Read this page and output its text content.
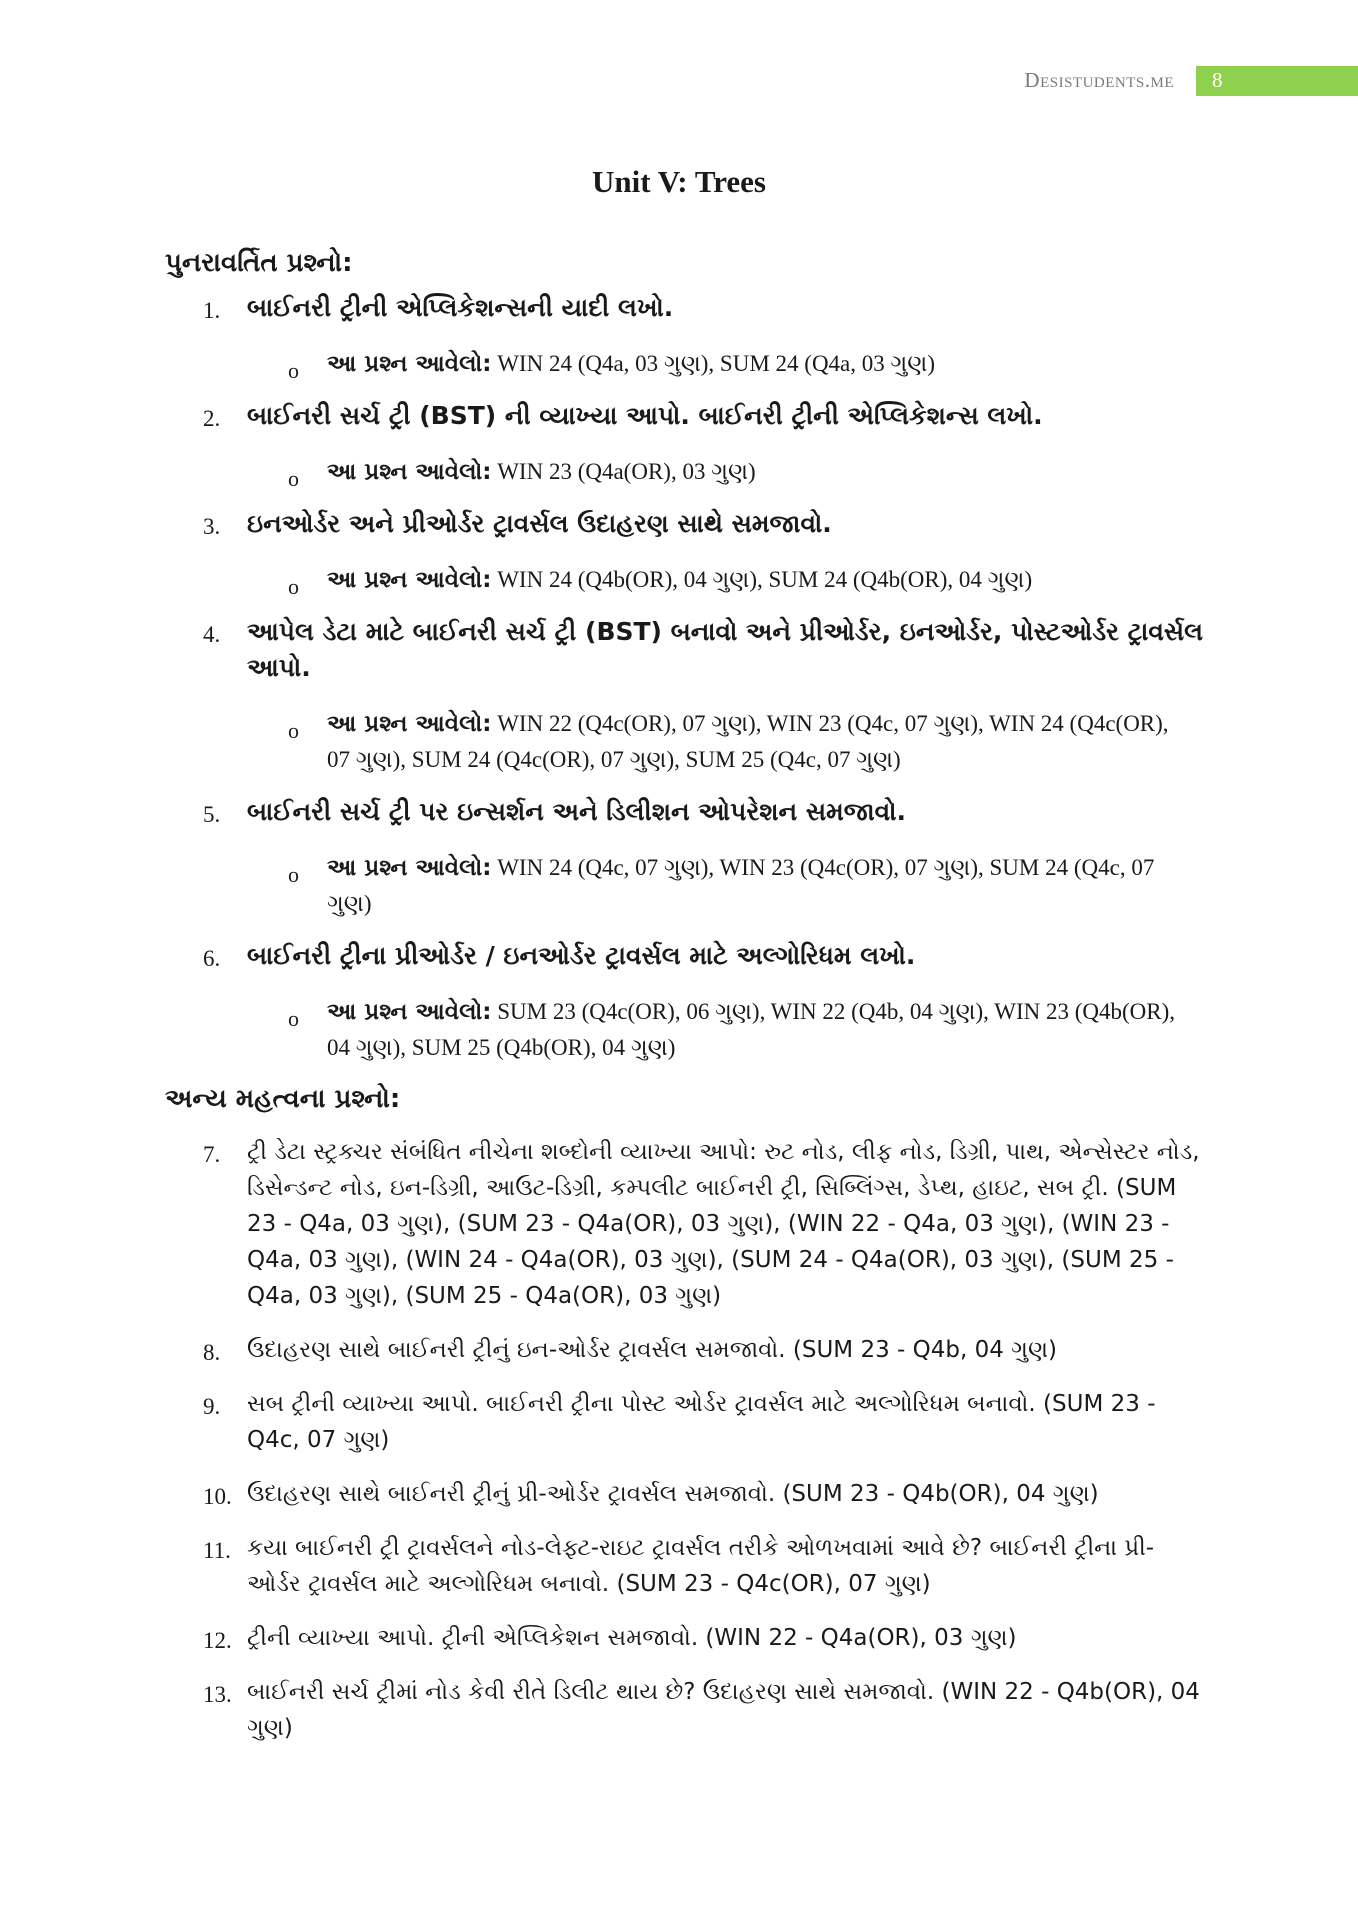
Desistudents.me 8
Unit V: Trees
પુનરાવર્તિત પ્રશ્નો:
1. બાઈનરી ટ્રીની એપ્લિકેશન્સની યાદી લખો.
o આ પ્રશ્ન આવેલો: WIN 24 (Q4a, 03 ગુણ), SUM 24 (Q4a, 03 ગુણ)
2. બાઈનરી સર્ચ ટ્રી (BST) ની વ્યાખ્યા આપો. બાઈનરી ટ્રીની એપ્લિકેશન્સ લખો.
o આ પ્રશ્ન આવેલો: WIN 23 (Q4a(OR), 03 ગુણ)
3. ઇનઓર્ડર અને પ્રીઓર્ડર ટ્રાવર્સલ ઉદાહરણ સાથે સમજાવો.
o આ પ્રશ્ન આવેલો: WIN 24 (Q4b(OR), 04 ગુણ), SUM 24 (Q4b(OR), 04 ગુણ)
4. આપેલ ડેટા માટે બાઈનરી સર્ચ ટ્રી (BST) બનાવો અને પ્રીઓર્ડર, ઇનઓર્ડર, પોસ્ટઓર્ડર ટ્રાવર્સલ આપો.
o આ પ્રશ્ન આવેલો: WIN 22 (Q4c(OR), 07 ગુણ), WIN 23 (Q4c, 07 ગુણ), WIN 24 (Q4c(OR), 07 ગુણ), SUM 24 (Q4c(OR), 07 ગુણ), SUM 25 (Q4c, 07 ગુણ)
5. બાઈનરી સર્ચ ટ્રી પર ઇન્સર્શન અને ડિલીશન ઓપરેશન સમજાવો.
o આ પ્રશ્ન આવેલો: WIN 24 (Q4c, 07 ગુણ), WIN 23 (Q4c(OR), 07 ગુણ), SUM 24 (Q4c, 07 ગુણ)
6. બાઈનરી ટ્રીના પ્રીઓર્ડર / ઇનઓર્ડર ટ્રાવર્સલ માટે અલ્ગોરિધમ લખો.
o આ પ્રશ્ન આવેલો: SUM 23 (Q4c(OR), 06 ગુણ), WIN 22 (Q4b, 04 ગુણ), WIN 23 (Q4b(OR), 04 ગુણ), SUM 25 (Q4b(OR), 04 ગુણ)
અન્ય મહત્વના પ્રશ્નો:
7. ટ્રી ડેટા સ્ટ્રક્ચર સંબંધિત નીચેના શબ્દોની વ્યાખ્યા આપો: રુટ નોડ, લીફ નોડ, ડિગ્રી, પાથ, એન્સેસ્ટર નોડ, ડિસેન્ડન્ટ નોડ, ઇન-ડિગ્રી, આઉટ-ડિગ્રી, કમ્પલીટ બાઈનરી ટ્રી, સિબ્લિંગ્સ, ડેપ્થ, હાઇટ, સબ ટ્રી. (SUM 23 - Q4a, 03 ગુણ), (SUM 23 - Q4a(OR), 03 ગુણ), (WIN 22 - Q4a, 03 ગુણ), (WIN 23 - Q4a, 03 ગુણ), (WIN 24 - Q4a(OR), 03 ગુણ), (SUM 24 - Q4a(OR), 03 ગુણ), (SUM 25 - Q4a, 03 ગુણ), (SUM 25 - Q4a(OR), 03 ગુણ)
8. ઉદાહરણ સાથે બાઈનરી ટ્રીનું ઇન-ઓર્ડર ટ્રાવર્સલ સમજાવો. (SUM 23 - Q4b, 04 ગુણ)
9. સબ ટ્રીની વ્યાખ્યા આપો. બાઈનરી ટ્રીના પોસ્ટ ઓર્ડર ટ્રાવર્સલ માટે અલ્ગોરિધમ બનાવો. (SUM 23 - Q4c, 07 ગુણ)
10. ઉદાહરણ સાથે બાઈનરી ટ્રીનું પ્રી-ઓર્ડર ટ્રાવર્સલ સમજાવો. (SUM 23 - Q4b(OR), 04 ગુણ)
11. કયા બાઈનરી ટ્રી ટ્રાવર્સલને નોડ-લેફ્ટ-રાઇટ ટ્રાવર્સલ તરીકે ઓળખવામાં આવે છે? બાઈનરી ટ્રીના પ્રી-ઓર્ડર ટ્રાવર્સલ માટે અલ્ગોરિધમ બનાવો. (SUM 23 - Q4c(OR), 07 ગુણ)
12. ટ્રીની વ્યાખ્યા આપો. ટ્રીની એપ્લિકેશન સમજાવો. (WIN 22 - Q4a(OR), 03 ગુણ)
13. બાઈનરી સર્ચ ટ્રીમાં નોડ કેવી રીતે ડિલીટ થાય છે? ઉદાહરણ સાથે સમજાવો. (WIN 22 - Q4b(OR), 04 ગુણ)
